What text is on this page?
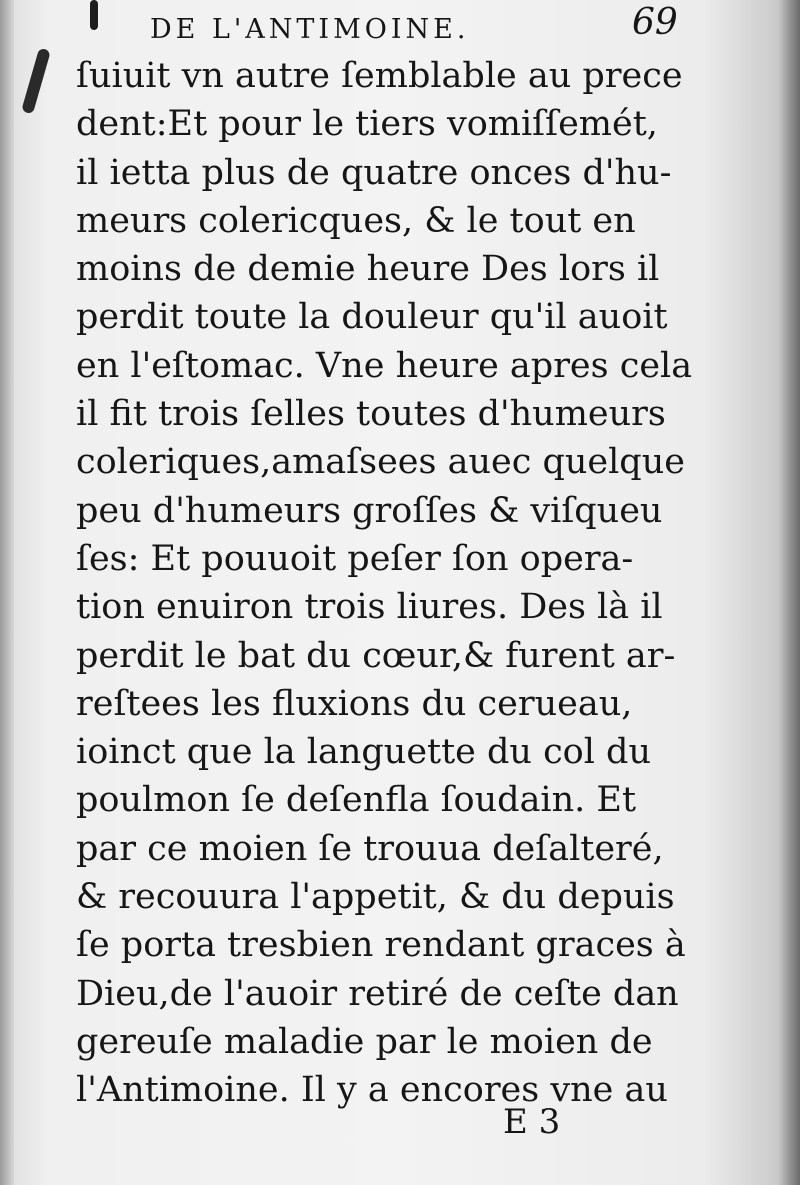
DE L'ANTIMOINE.	69
ſuiuit vn autre ſemblable au prece
dent:Et pour le tiers vomiſſemét,
il ietta plus de quatre onces d'hu-
meurs colericques, & le tout en
moins de demie heure Des lors il
perdit toute la douleur qu'il auoit
en l'eſtomac. Vne heure apres cela
il fit trois ſelles toutes d'humeurs
coleriques,amaſsees auec quelque
peu d'humeurs groſſes & viſqueu
ſes: Et pouuoit peſer ſon opera-
tion enuiron trois liures. Des là il
perdit le bat du cœur,& furent ar-
reſtees les fluxions du cerueau,
ioinct que la languette du col du
poulmon ſe deſenfla ſoudain. Et
par ce moien ſe trouua deſalteré,
& recouura l'appetit, & du depuis
ſe porta tresbien rendant graces à
Dieu,de l'auoir retiré de ceſte dan
gereuſe maladie par le moien de
l'Antimoine. Il y a encores vne au
E 3
